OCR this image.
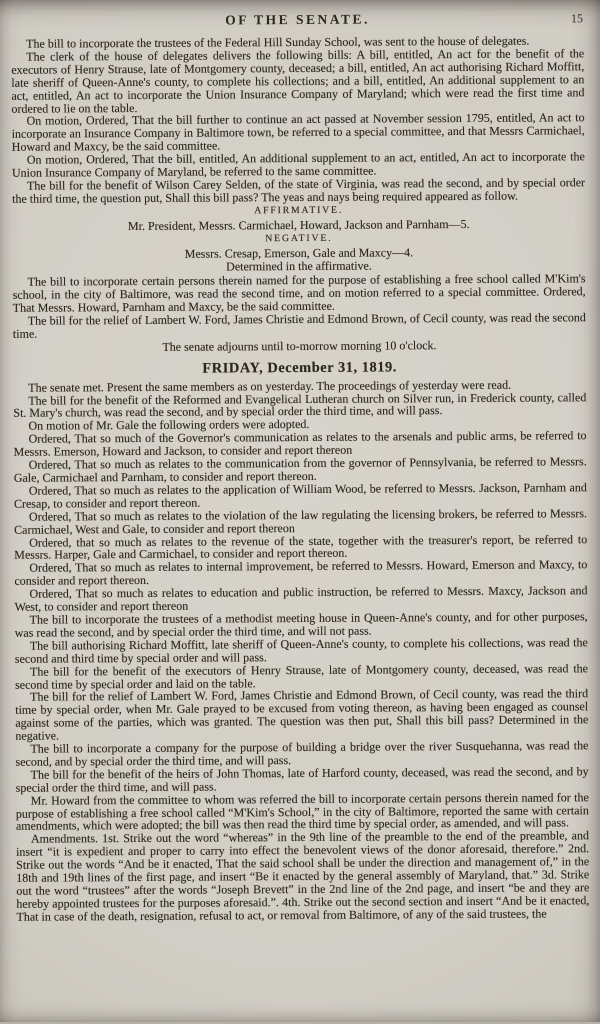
OF THE SENATE.	15

The bill to incorporate the trustees of the Federal Hill Sunday School, was sent to the house of delegates.

The clerk of the house of delegates delivers the following bills: A bill, entitled, An act for the benefit of the executors of Henry Strause, late of Montgomery county, deceased; a bill, entitled, An act authorising Richard Moffitt, late sheriff of Queen-Anne's county, to complete his collections; and a bill, entitled, An additional supplement to an act, entitled, An act to incorporate the Union Insurance Company of Maryland; which were read the first time and ordered to lie on the table.

On motion, Ordered, That the bill further to continue an act passed at November session 1795, entitled, An act to incorporate an Insurance Company in Baltimore town, be referred to a special committee, and that Messrs Carmichael, Howard and Maxcy, be the said committee.

On motion, Ordered, That the bill, entitled, An additional supplement to an act, entitled, An act to incorporate the Union Insurance Company of Maryland, be referred to the same committee.

The bill for the benefit of Wilson Carey Selden, of the state of Virginia, was read the second, and by special order the third time, the question put, Shall this bill pass? The yeas and nays being required appeared as follow.

AFFIRMATIVE.

Mr. President, Messrs. Carmichael, Howard, Jackson and Parnham—5.

NEGATIVE.

Messrs. Cresap, Emerson, Gale and Maxcy—4.

Determined in the affirmative.

The bill to incorporate certain persons therein named for the purpose of establishing a free school called M'Kim's school, in the city of Baltimore, was read the second time, and on motion referred to a special committee. Ordered, That Messrs. Howard, Parnham and Maxcy, be the said committee.

The bill for the relief of Lambert W. Ford, James Christie and Edmond Brown, of Cecil county, was read the second time.

The senate adjourns until to-morrow morning 10 o'clock.

FRIDAY, December 31, 1819.

The senate met. Present the same members as on yesterday. The proceedings of yesterday were read.

The bill for the benefit of the Reformed and Evangelical Lutheran church on Silver run, in Frederick county, called St. Mary's church, was read the second, and by special order the third time, and will pass.

On motion of Mr. Gale the following orders were adopted.

Ordered, That so much of the Governor's communication as relates to the arsenals and public arms, be referred to Messrs. Emerson, Howard and Jackson, to consider and report thereon

Ordered, That so much as relates to the communication from the governor of Pennsylvania, be referred to Messrs. Gale, Carmichael and Parnham, to consider and report thereon.

Ordered, That so much as relates to the application of William Wood, be referred to Messrs. Jackson, Parnham and Cresap, to consider and report thereon.

Ordered, That so much as relates to the violation of the law regulating the licensing brokers, be referred to Messrs. Carmichael, West and Gale, to consider and report thereon

Ordered, that so much as relates to the revenue of the state, together with the treasurer's report, be referred to Messrs. Harper, Gale and Carmichael, to consider and report thereon.

Ordered, That so much as relates to internal improvement, be referred to Messrs. Howard, Emerson and Maxcy, to consider and report thereon.

Ordered, That so much as relates to education and public instruction, be referred to Messrs. Maxcy, Jackson and West, to consider and report thereon

The bill to incorporate the trustees of a methodist meeting house in Queen-Anne's county, and for other purposes, was read the second, and by special order the third time, and will not pass.

The bill authorising Richard Moffitt, late sheriff of Queen-Anne's county, to complete his collections, was read the second and third time by special order and will pass.

The bill for the benefit of the executors of Henry Strause, late of Montgomery county, deceased, was read the second time by special order and laid on the table.

The bill for the relief of Lambert W. Ford, James Christie and Edmond Brown, of Cecil county, was read the third time by special order, when Mr. Gale prayed to be excused from voting thereon, as having been engaged as counsel against some of the parties, which was granted. The question was then put, Shall this bill pass? Determined in the negative.

The bill to incorporate a company for the purpose of building a bridge over the river Susquehanna, was read the second, and by special order the third time, and will pass.

The bill for the benefit of the heirs of John Thomas, late of Harford county, deceased, was read the second, and by special order the third time, and will pass.

Mr. Howard from the committee to whom was referred the bill to incorporate certain persons therein named for the purpose of establishing a free school called “M'Kim's School,” in the city of Baltimore, reported the same with certain amendments, which were adopted; the bill was then read the third time by special order, as amended, and will pass.

Amendments. 1st. Strike out the word “whereas” in the 9th line of the preamble to the end of the preamble, and insert “it is expedient and proper to carry into effect the benevolent views of the donor aforesaid, therefore.” 2nd. Strike out the words “And be it enacted, That the said school shall be under the direction and management of,” in the 18th and 19th lines of the first page, and insert “Be it enacted by the general assembly of Maryland, that.” 3d. Strike out the word “trustees” after the words “Joseph Brevett” in the 2nd line of the 2nd page, and insert “be and they are hereby appointed trustees for the purposes aforesaid.”. 4th. Strike out the second section and insert “And be it enacted, That in case of the death, resignation, refusal to act, or removal from Baltimore, of any of the said trustees, the
